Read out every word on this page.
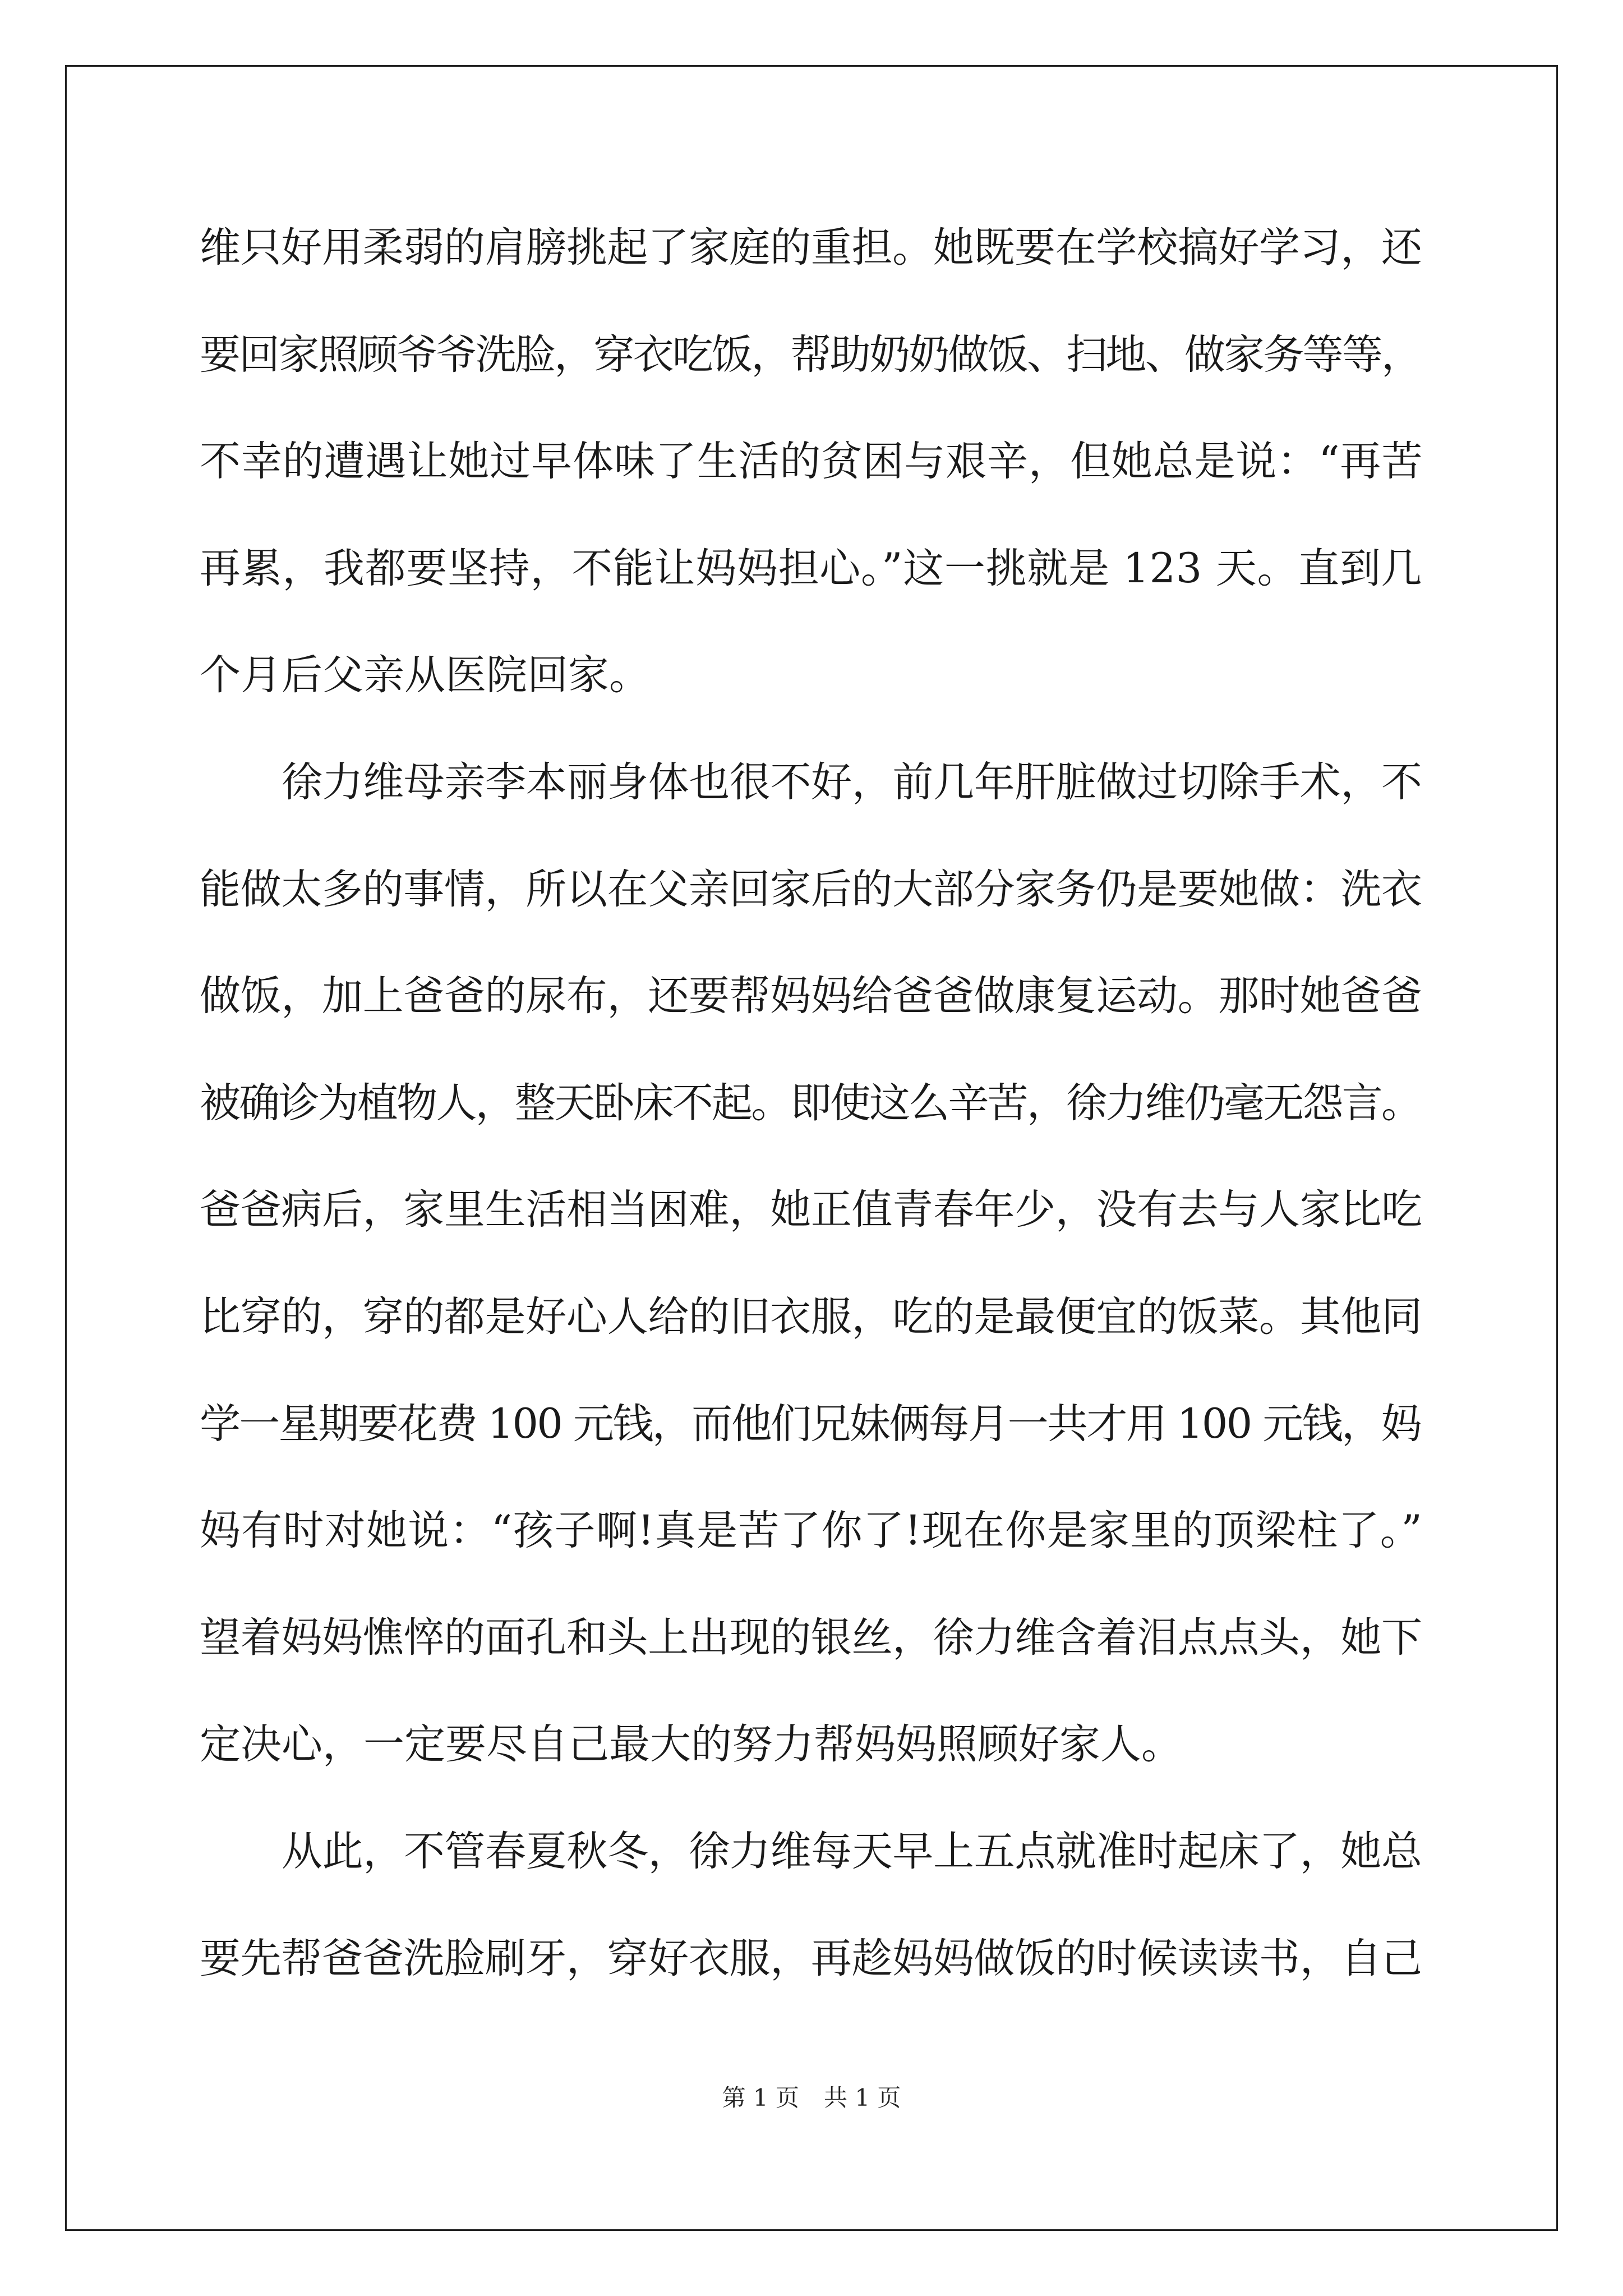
维只好用柔弱的肩膀挑起了家庭的重担。她既要在学校搞好学习，还
要回家照顾爷爷洗脸，穿衣吃饭，帮助奶奶做饭、扫地、做家务等等，
不幸的遭遇让她过早体味了生活的贫困与艰辛，但她总是说：“再苦
再累，我都要坚持，不能让妈妈担心。”这一挑就是 123 天。直到几
个月后父亲从医院回家。
徐力维母亲李本丽身体也很不好，前几年肝脏做过切除手术，不
能做太多的事情，所以在父亲回家后的大部分家务仍是要她做：洗衣
做饭，加上爸爸的尿布，还要帮妈妈给爸爸做康复运动。那时她爸爸
被确诊为植物人，整天卧床不起。即使这么辛苦，徐力维仍毫无怨言。
爸爸病后，家里生活相当困难，她正值青春年少，没有去与人家比吃
比穿的，穿的都是好心人给的旧衣服，吃的是最便宜的饭菜。其他同
学一星期要花费 100 元钱，而他们兄妹俩每月一共才用 100 元钱，妈
妈有时对她说：“孩子啊!真是苦了你了!现在你是家里的顶梁柱了。”
望着妈妈憔悴的面孔和头上出现的银丝，徐力维含着泪点点头，她下
定决心，一定要尽自己最大的努力帮妈妈照顾好家人。
从此，不管春夏秋冬，徐力维每天早上五点就准时起床了，她总
要先帮爸爸洗脸刷牙，穿好衣服，再趁妈妈做饭的时候读读书，自己
第 1 页 共 1 页
